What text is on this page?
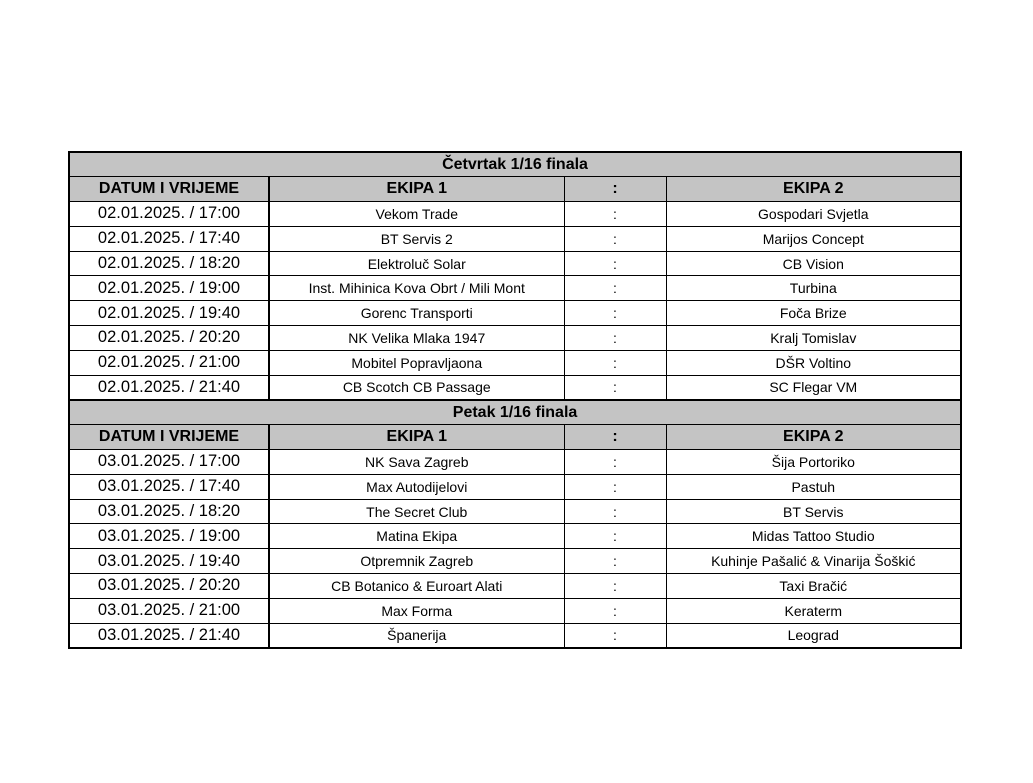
Četvrtak 1/16 finala			
DATUM I VRIJEME	EKIPA 1	:	EKIPA 2
02.01.2025. / 17:00	Vekom Trade	:	Gospodari Svjetla
02.01.2025. / 17:40	BT Servis 2	:	Marijos Concept
02.01.2025. / 18:20	Elektroluč Solar	:	CB Vision
02.01.2025. / 19:00	Inst. Mihinica Kova Obrt / Mili Mont	:	Turbina
02.01.2025. / 19:40	Gorenc Transporti	:	Foča Brize
02.01.2025. / 20:20	NK Velika Mlaka 1947	:	Kralj Tomislav
02.01.2025. / 21:00	Mobitel Popravljaona	:	DŠR Voltino
02.01.2025. / 21:40	CB Scotch CB Passage	:	SC Flegar VM
Petak 1/16 finala			
DATUM I VRIJEME	EKIPA 1	:	EKIPA 2
03.01.2025. / 17:00	NK Sava Zagreb	:	Šija Portoriko
03.01.2025. / 17:40	Max Autodijelovi	:	Pastuh
03.01.2025. / 18:20	The Secret Club	:	BT Servis
03.01.2025. / 19:00	Matina Ekipa	:	Midas Tattoo Studio
03.01.2025. / 19:40	Otpremnik Zagreb	:	Kuhinje Pašalić & Vinarija Šoškić
03.01.2025. / 20:20	CB Botanico & Euroart Alati	:	Taxi Bračić
03.01.2025. / 21:00	Max Forma	:	Keraterm
03.01.2025. / 21:40	Španerija	:	Leograd
